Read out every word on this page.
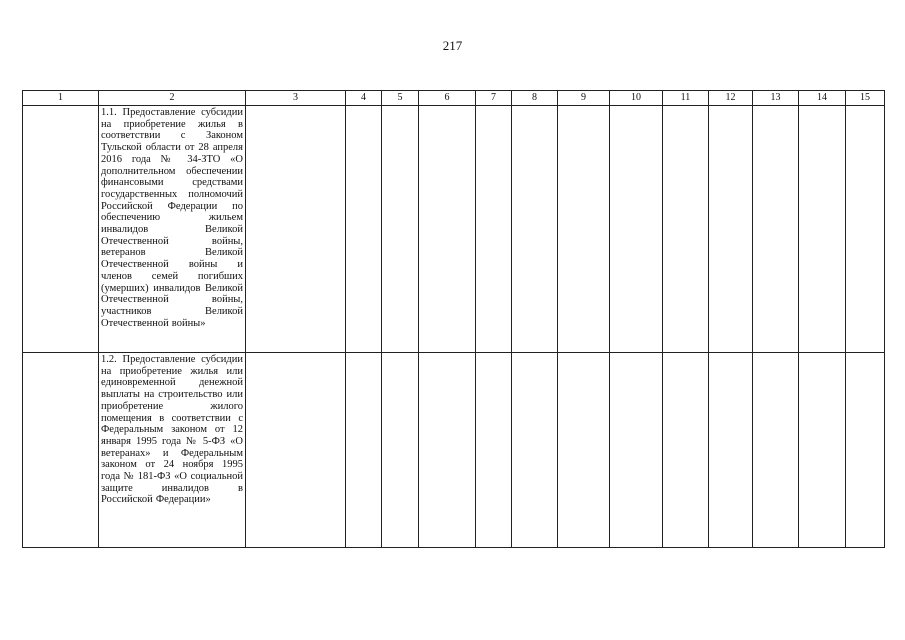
217
1	2	3	4	5	6	7	8	9	10	11	12	13	14	15

	1.1. Предоставление субсидии на приобретение жилья в соответствии с Законом Тульской области от 28 апреля 2016 года № 34-ЗТО «О дополнительном обеспечении финансовыми средствами государственных полномочий Российской Федерации по обеспечению жильем инвалидов Великой Отечественной войны, ветеранов Великой Отечественной войны и членов семей погибших (умерших) инвалидов Великой Отечественной войны, участников Великой Отечественной войны»													

	1.2. Предоставление субсидии на приобретение жилья или единовременной денежной выплаты на строительство или приобретение жилого помещения в соответствии с Федеральным законом от 12 января 1995 года № 5-ФЗ «О ветеранах» и Федеральным законом от 24 ноября 1995 года № 181-ФЗ «О социальной защите инвалидов в Российской Федерации»													
